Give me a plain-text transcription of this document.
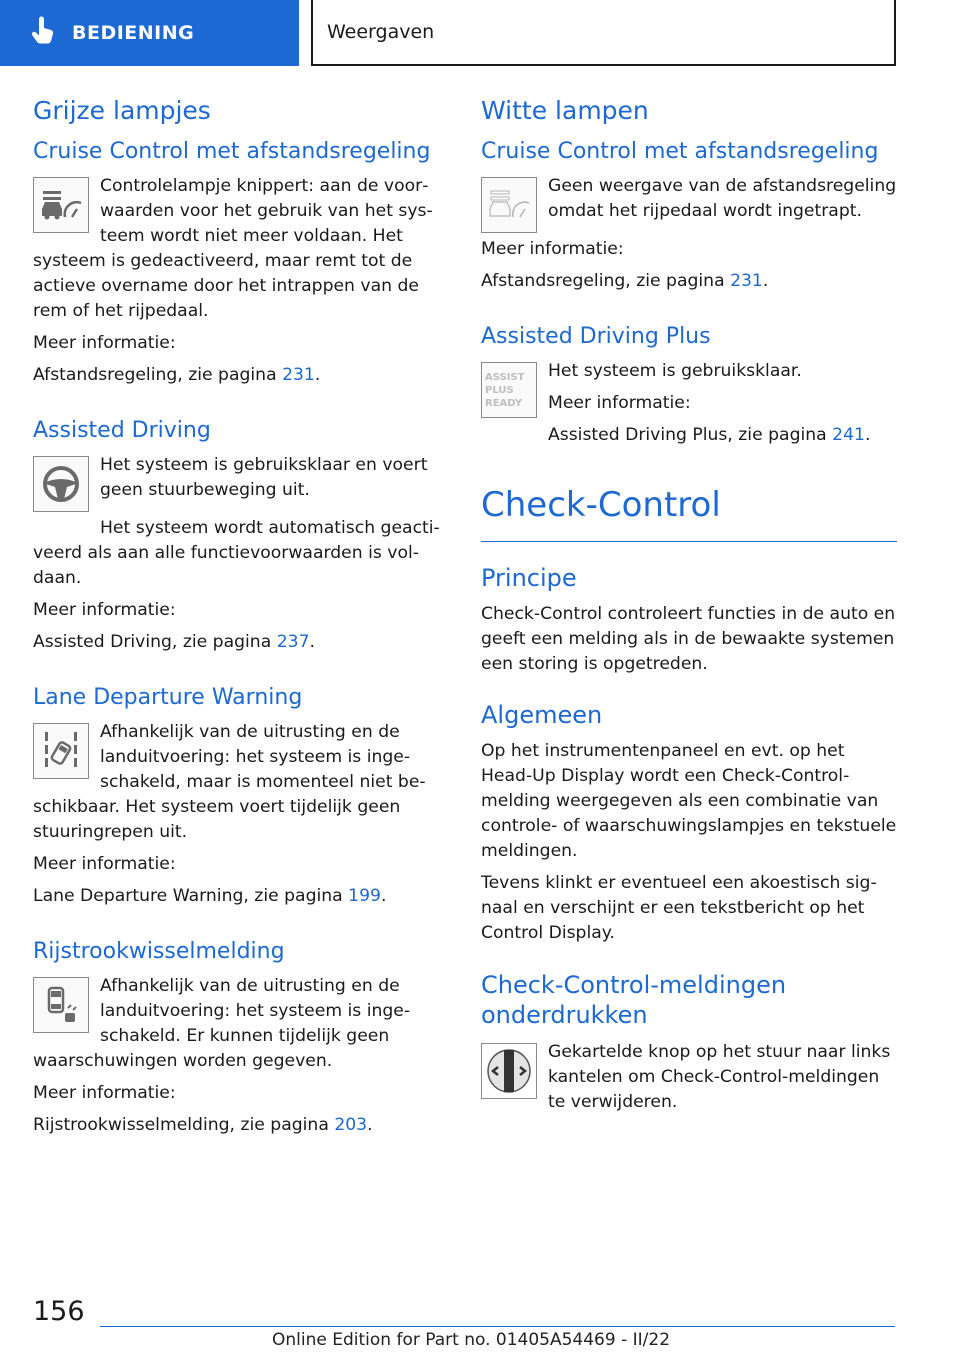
BEDIENING	Weergaven
Grijze lampjes
Cruise Control met afstandsregeling

Controlelampje knippert: aan de voorwaarden voor het gebruik van het systeem wordt niet meer voldaan. Het systeem is gedeactiveerd, maar remt tot de actieve overname door het intrappen van de rem of het rijpedaal.

Meer informatie:

Afstandsregeling, zie pagina 231.

Assisted Driving

Het systeem is gebruiksklaar en voert geen stuurbeweging uit.

Het systeem wordt automatisch geactiveerd als aan alle functievoorwaarden is voldaan.

Meer informatie:

Assisted Driving, zie pagina 237.

Lane Departure Warning

Afhankelijk van de uitrusting en de landuitvoering: het systeem is ingeschakeld, maar is momenteel niet beschikbaar. Het systeem voert tijdelijk geen stuuringrepen uit.

Meer informatie:

Lane Departure Warning, zie pagina 199.

Rijstrookwisselmelding

Afhankelijk van de uitrusting en de landuitvoering: het systeem is ingeschakeld. Er kunnen tijdelijk geen waarschuwingen worden gegeven.

Meer informatie:

Rijstrookwisselmelding, zie pagina 203.

Witte lampen
Cruise Control met afstandsregeling

Geen weergave van de afstandsregeling omdat het rijpedaal wordt ingetrapt.

Meer informatie:

Afstandsregeling, zie pagina 231.

Assisted Driving Plus
ASSIST
PLUS
READY

Het systeem is gebruiksklaar.

Meer informatie:

Assisted Driving Plus, zie pagina 241.

Check-Control
Principe

Check-Control controleert functies in de auto en geeft een melding als in de bewaakte systemen een storing is opgetreden.

Algemeen

Op het instrumentenpaneel en evt. op het Head-Up Display wordt een Check-Control-melding weergegeven als een combinatie van controle- of waarschuwingslampjes en tekstuele meldingen.

Tevens klinkt er eventueel een akoestisch signaal en verschijnt er een tekstbericht op het Control Display.

Check-Control-meldingen onderdrukken

Gekartelde knop op het stuur naar links kantelen om Check-Control-meldingen te verwijderen.

156
Online Edition for Part no. 01405A54469 - II/22
